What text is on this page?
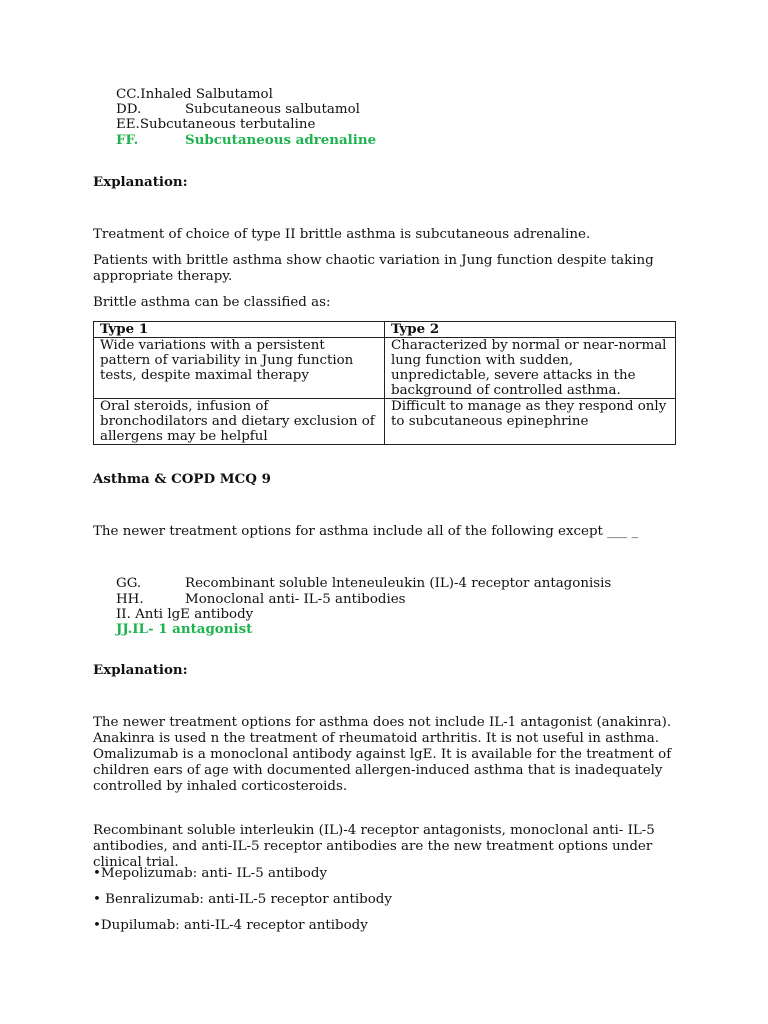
CC.Inhaled Salbutamol
DD.	Subcutaneous salbutamol
EE.Subcutaneous terbutaline
FF.	Subcutaneous adrenaline
Explanation:
Treatment of choice of type II brittle asthma is subcutaneous adrenaline.
Patients with brittle asthma show chaotic variation in Jung function despite taking appropriate therapy.
Brittle asthma can be classified as:
Type 1	Type 2
Wide variations with a persistent pattern of variability in Jung function tests, despite maximal therapy	Characterized by normal or near-normal lung function with sudden, unpredictable, severe attacks in the background of controlled asthma.
Oral steroids, infusion of bronchodilators and dietary exclusion of allergens may be helpful	Difficult to manage as they respond only to subcutaneous epinephrine
Asthma & COPD MCQ 9
The newer treatment options for asthma include all of the following except ___ _
GG.	Recombinant soluble lnteneuleukin (IL)-4 receptor antagonisis
HH.	Monoclonal anti- IL-5 antibodies
II. Anti lgE antibody
JJ.IL- 1 antagonist
Explanation:
The newer treatment options for asthma does not include IL-1 antagonist (anakinra). Anakinra is used n the treatment of rheumatoid arthritis. It is not useful in asthma. Omalizumab is a monoclonal antibody against lgE. It is available for the treatment of children ears of age with documented allergen-induced asthma that is inadequately controlled by inhaled corticosteroids.
Recombinant soluble interleukin (IL)-4 receptor antagonists, monoclonal anti- IL-5 antibodies, and anti-IL-5 receptor antibodies are the new treatment options under clinical trial.
•Mepolizumab: anti- IL-5 antibody
• Benralizumab: anti-IL-5 receptor antibody
•Dupilumab: anti-IL-4 receptor antibody
